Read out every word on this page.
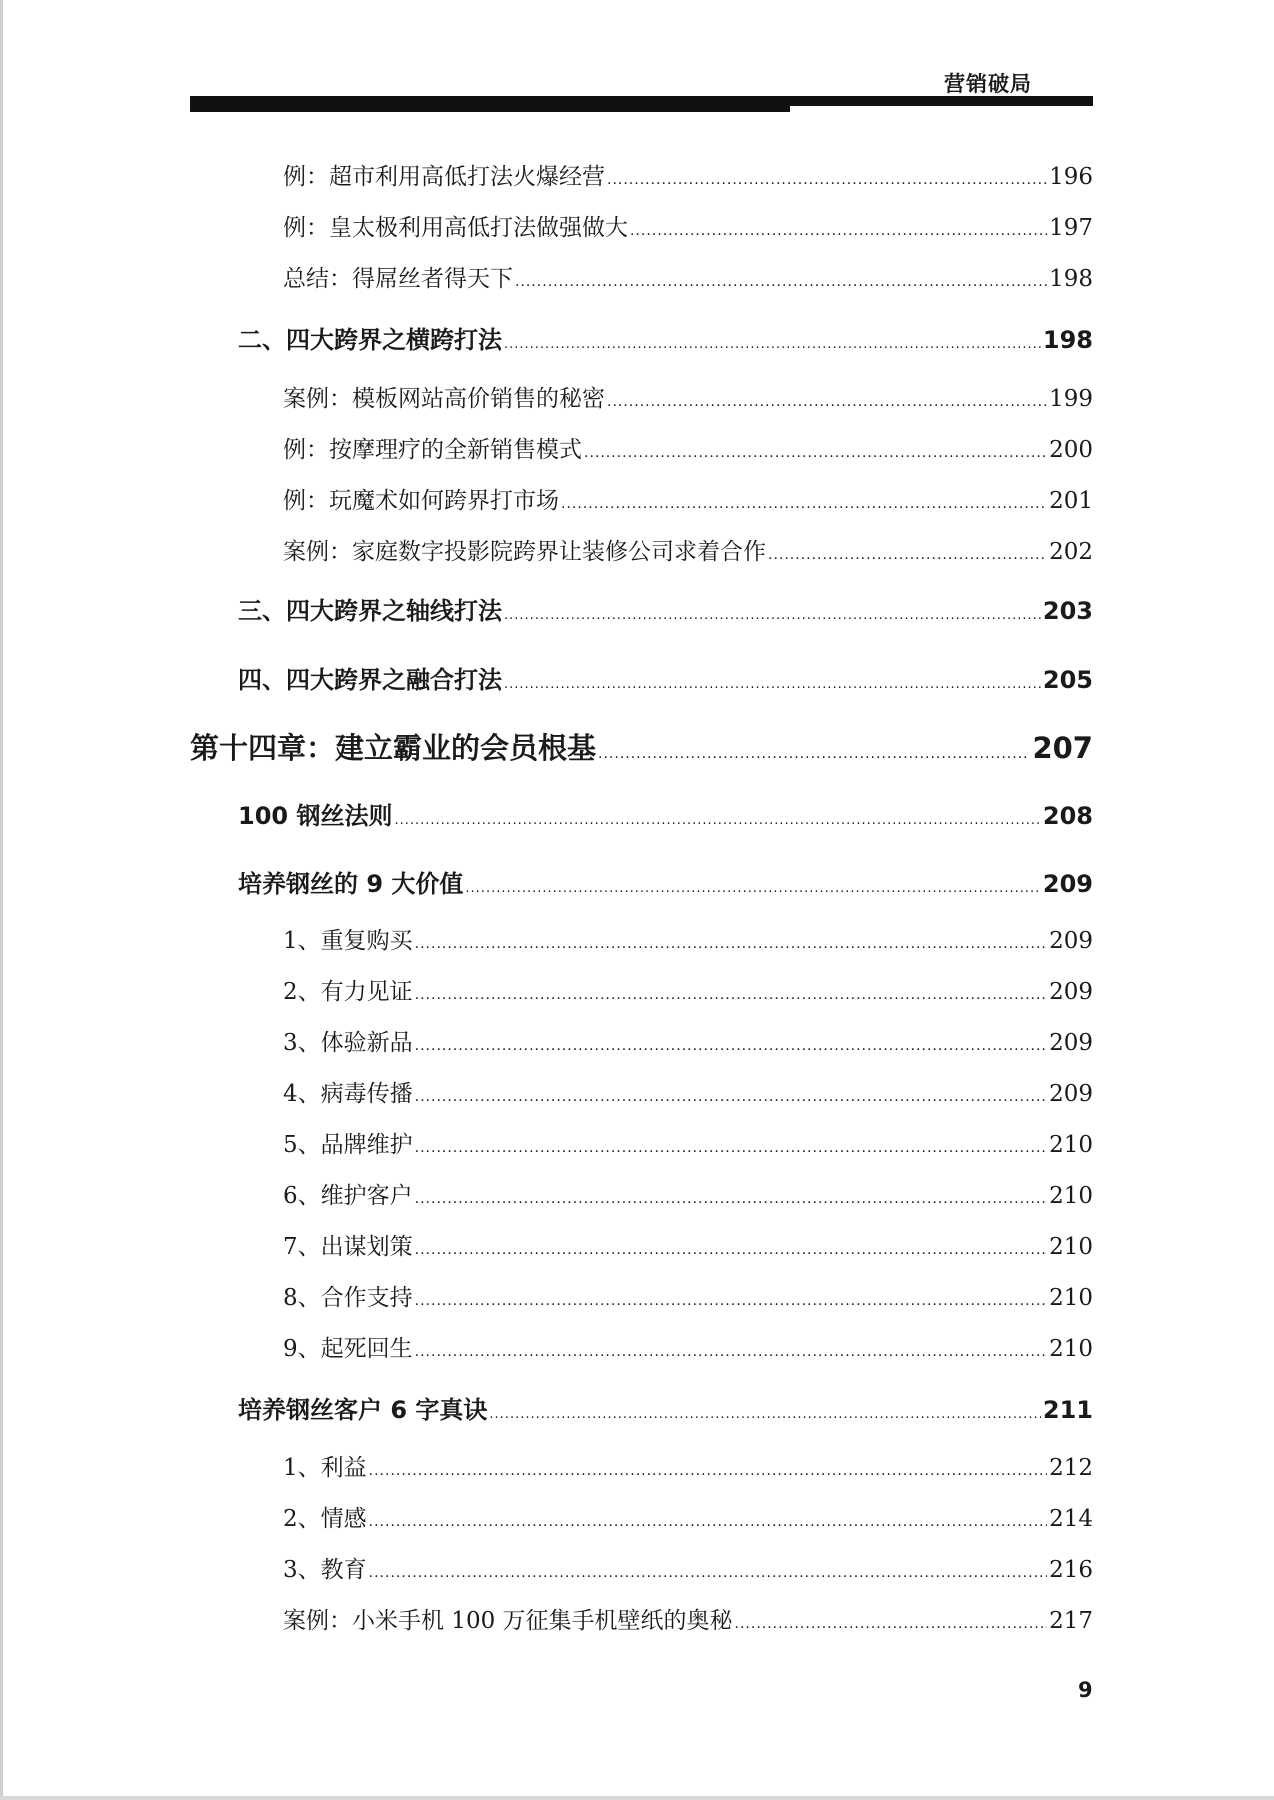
营销破局
例：超市利用高低打法火爆经营 .....	196
例：皇太极利用高低打法做强做大 .....	197
总结：得屌丝者得天下 .....	198
二、四大跨界之横跨打法 .....	198
案例：模板网站高价销售的秘密 .....	199
例：按摩理疗的全新销售模式 .....	200
例：玩魔术如何跨界打市场 .....	201
案例：家庭数字投影院跨界让装修公司求着合作 .....	202
三、四大跨界之轴线打法 .....	203
四、四大跨界之融合打法 .....	205
第十四章：建立霸业的会员根基 .....	207
100 钢丝法则 .....	208
培养钢丝的 9 大价值 .....	209
1、重复购买 .....	209
2、有力见证 .....	209
3、体验新品 .....	209
4、病毒传播 .....	209
5、品牌维护 .....	210
6、维护客户 .....	210
7、出谋划策 .....	210
8、合作支持 .....	210
9、起死回生 .....	210
培养钢丝客户 6 字真诀 .....	211
1、利益 .....	212
2、情感 .....	214
3、教育 .....	216
案例：小米手机 100 万征集手机壁纸的奥秘 .....	217
9
